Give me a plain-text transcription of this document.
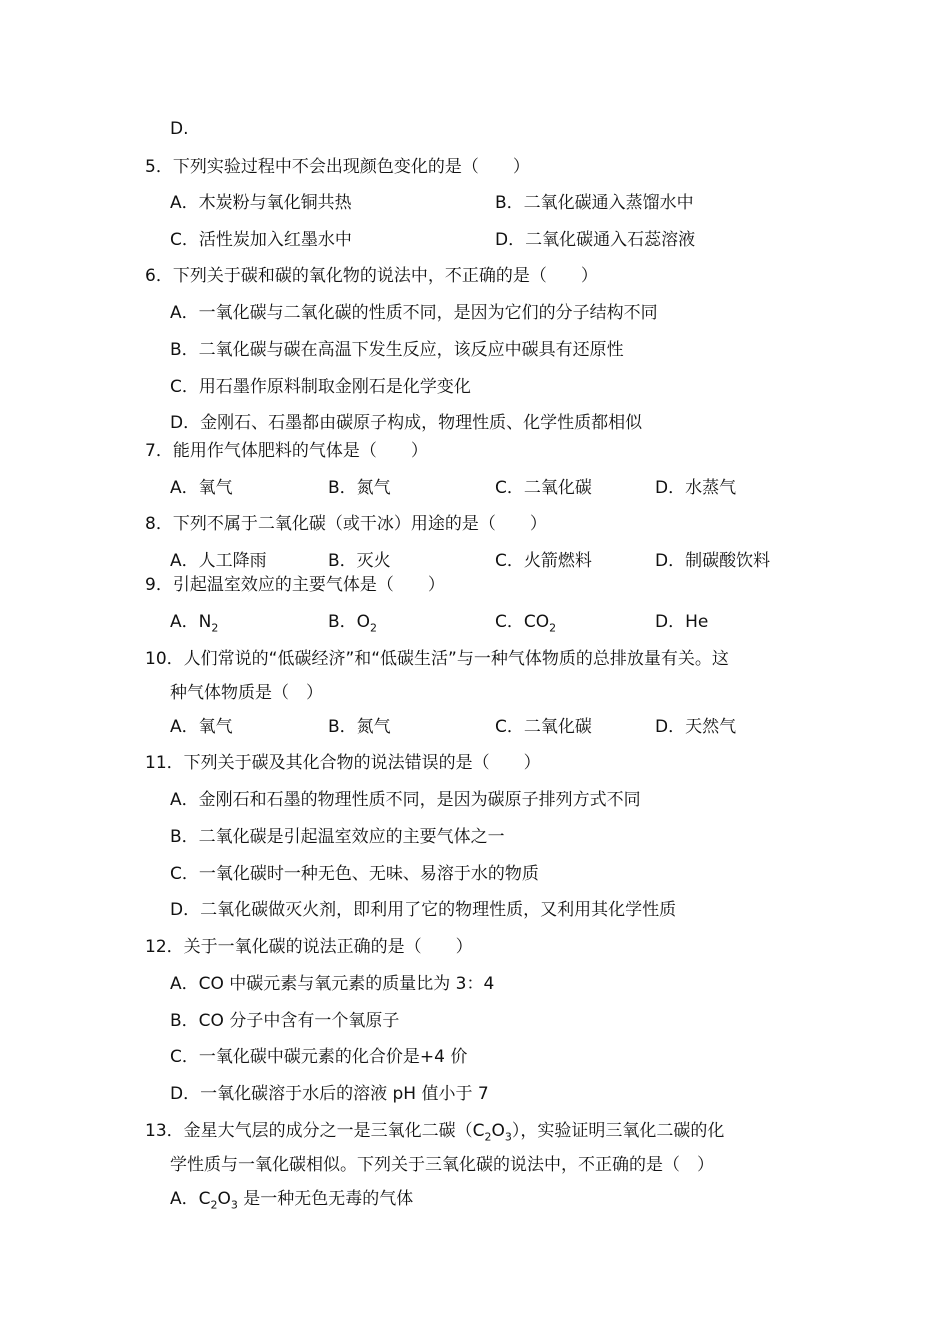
D.
5．下列实验过程中不会出现颜色变化的是（　　）
A．木炭粉与氧化铜共热	B．二氧化碳通入蒸馏水中
C．活性炭加入红墨水中	D．二氧化碳通入石蕊溶液
6．下列关于碳和碳的氧化物的说法中，不正确的是（　　）
A．一氧化碳与二氧化碳的性质不同，是因为它们的分子结构不同
B．二氧化碳与碳在高温下发生反应，该反应中碳具有还原性
C．用石墨作原料制取金刚石是化学变化
D．金刚石、石墨都由碳原子构成，物理性质、化学性质都相似
7．能用作气体肥料的气体是（　　）
A．氧气	B．氮气	C．二氧化碳	D．水蒸气
8．下列不属于二氧化碳（或干冰）用途的是（　　）
A．人工降雨	B．灭火	C．火箭燃料	D．制碳酸饮料
9．引起温室效应的主要气体是（　　）
A．$N_2$	B．$O_2$	C．$CO_2$	D．He
10．人们常说的“低碳经济”和“低碳生活”与一种气体物质的总排放量有关。这
种气体物质是（　）
A．氧气	B．氮气	C．二氧化碳	D．天然气
11．下列关于碳及其化合物的说法错误的是（　　）
A．金刚石和石墨的物理性质不同，是因为碳原子排列方式不同
B．二氧化碳是引起温室效应的主要气体之一
C．一氧化碳时一种无色、无味、易溶于水的物质
D．二氧化碳做灭火剂，即利用了它的物理性质，又利用其化学性质
12．关于一氧化碳的说法正确的是（　　）
A．CO 中碳元素与氧元素的质量比为 3：4
B．CO 分子中含有一个氧原子
C．一氧化碳中碳元素的化合价是+4 价
D．一氧化碳溶于水后的溶液 pH 值小于 7
13．金星大气层的成分之一是三氧化二碳$(C_2O_3)$，实验证明三氧化二碳的化
学性质与一氧化碳相似。下列关于三氧化碳的说法中，不正确的是（　）
A．$C_2O_3$ 是一种无色无毒的气体
